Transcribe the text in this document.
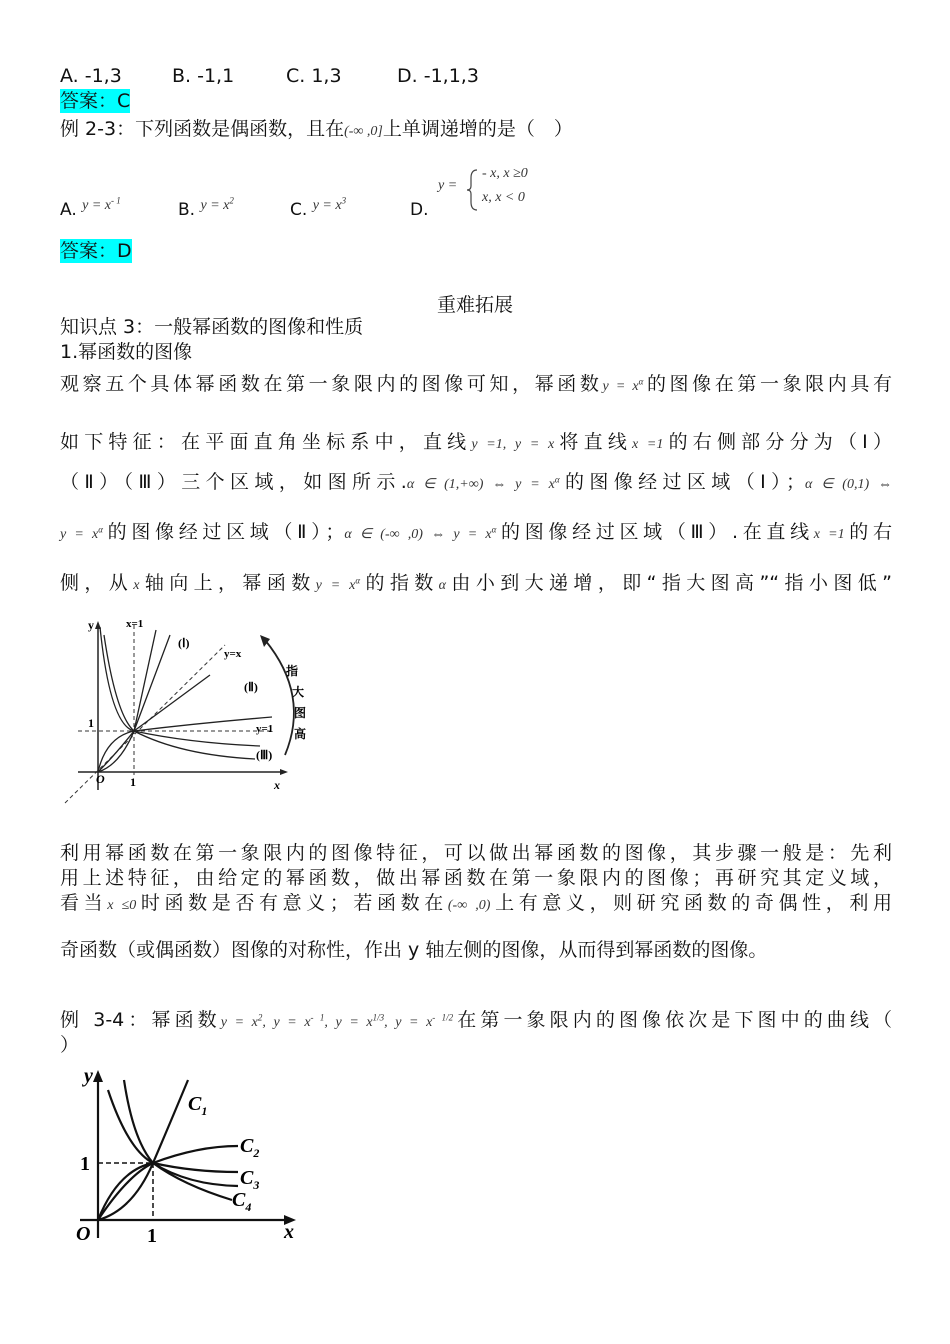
A. -1,3	B. -1,1	C. 1,3	D. -1,1,3
答案：C
例 2-3：下列函数是偶函数，且在(-∞ ,0]上单调递增的是（　）
A. $^{y = x^{- 1}}$	B. $^{y = x^2}$	C. $^{y = x^3}$	D.
y =
- x, x ≥0
x, x < 0
答案：D
重难拓展
知识点 3：一般幂函数的图像和性质
1.幂函数的图像
观察五个具体幂函数在第一象限内的图像可知，幂函数$y = x^\alpha$的图像在第一象限内具有
如下特征：在平面直角坐标系中，直线y =1, y = x将直线x =1的右侧部分分为（Ⅰ）
（Ⅱ）（Ⅲ）三个区域，如图所示.α ∈ (1,+∞) ⇔ $y = x^\alpha$的图像经过区域（Ⅰ）；α ∈ (0,1) ⇔
$y = x^\alpha$的图像经过区域（Ⅱ）；α ∈ (-∞ ,0) ⇔ $y = x^\alpha$的图像经过区域（Ⅲ）.在直线x =1的右
侧，从x轴向上，幂函数$y = x^\alpha$的指数α由小到大递增，即“指大图高”“指小图低”
y
x
O
1
1
x=1
y=x
y=1
(Ⅰ)
(Ⅱ)
(Ⅲ)
指
大
图
高
利用幂函数在第一象限内的图像特征，可以做出幂函数的图像，其步骤一般是：先利
用上述特征，由给定的幂函数，做出幂函数在第一象限内的图像；再研究其定义域，
看当x ≤0时函数是否有意义；若函数在(-∞ ,0)上有意义，则研究函数的奇偶性，利用
奇函数（或偶函数）图像的对称性，作出 y 轴左侧的图像，从而得到幂函数的图像。
例 3-4：幂函数$y = x^2$, $y = x^{- 1}$, $y = x^{1/3}$, $y = x^{- 1/2}$在第一象限内的图像依次是下图中的曲线（
）
y
x
O
1
1
$C_1$
$C_2$
$C_3$
$C_4$
